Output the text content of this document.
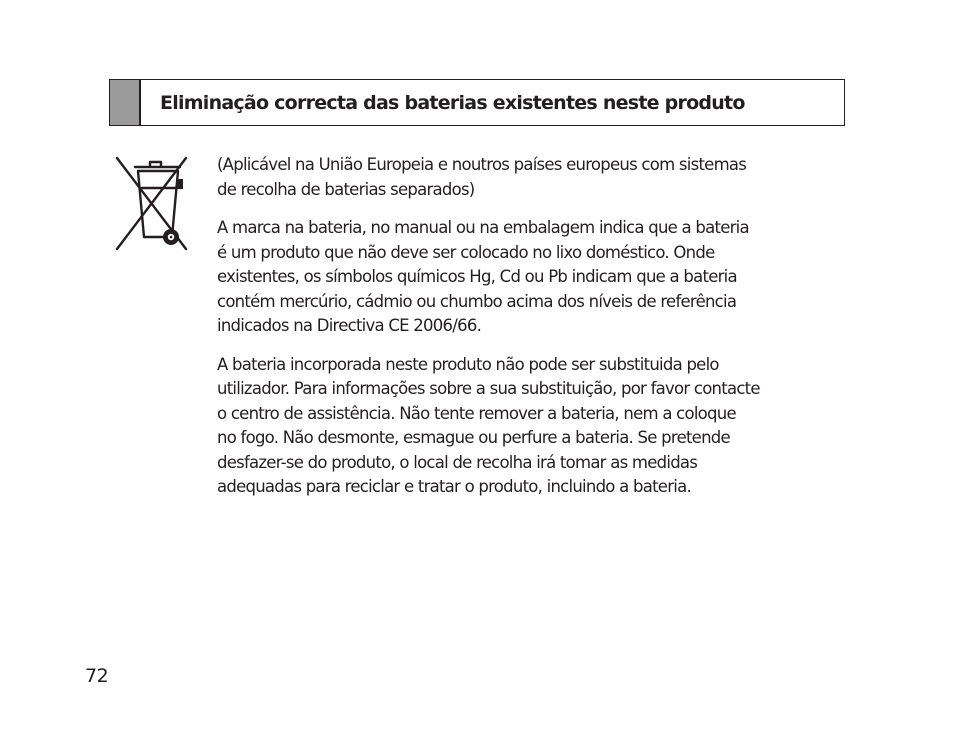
Eliminação correcta das baterias existentes neste produto

(Aplicável na União Europeia e noutros países europeus com sistemas
de recolha de baterias separados)

A marca na bateria, no manual ou na embalagem indica que a bateria
é um produto que não deve ser colocado no lixo doméstico. Onde
existentes, os símbolos químicos Hg, Cd ou Pb indicam que a bateria
contém mercúrio, cádmio ou chumbo acima dos níveis de referência
indicados na Directiva CE 2006/66.

A bateria incorporada neste produto não pode ser substituida pelo
utilizador. Para informações sobre a sua substituição, por favor contacte
o centro de assistência. Não tente remover a bateria, nem a coloque
no fogo. Não desmonte, esmague ou perfure a bateria. Se pretende
desfazer-se do produto, o local de recolha irá tomar as medidas
adequadas para reciclar e tratar o produto, incluindo a bateria.

72
